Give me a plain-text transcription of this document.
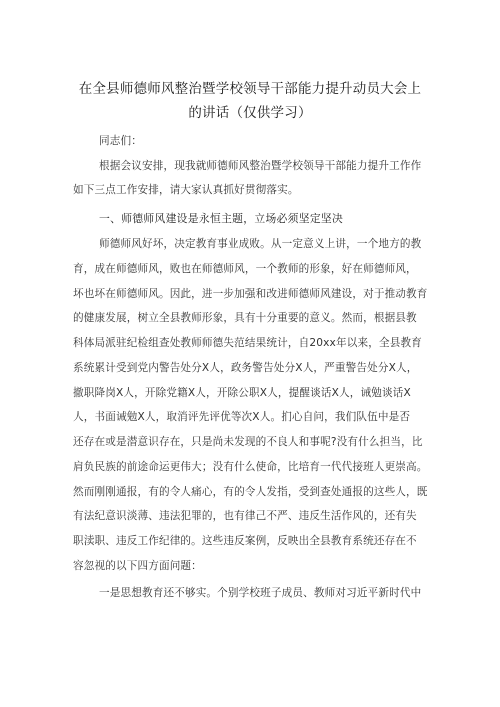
在全县师德师风整治暨学校领导干部能力提升动员大会上
的讲话（仅供学习）
同志们：
根据会议安排，现我就师德师风整治暨学校领导干部能力提升工作作
如下三点工作安排，请大家认真抓好贯彻落实。
一、师德师风建设是永恒主题，立场必须坚定坚决
师德师风好坏，决定教育事业成败。从一定意义上讲，一个地方的教
育，成在师德师风，败也在师德师风，一个教师的形象，好在师德师风，
坏也坏在师德师风。因此，进一步加强和改进师德师风建设，对于推动教育
的健康发展，树立全县教师形象，具有十分重要的意义。然而，根据县教
科体局派驻纪检组查处教师师德失范结果统计，自20xx年以来，全县教育
系统累计受到党内警告处分X人，政务警告处分X人，严重警告处分X人，
撤职降岗X人，开除党籍X人，开除公职X人，提醒谈话X人，诫勉谈话X
人，书面诫勉X人，取消评先评优等次X人。扪心自问，我们队伍中是否
还存在或是潜意识存在，只是尚未发现的不良人和事呢?没有什么担当，比
肩负民族的前途命运更伟大；没有什么使命，比培育一代代接班人更崇高。
然而刚刚通报，有的令人痛心，有的令人发指，受到查处通报的这些人，既
有法纪意识淡薄、违法犯罪的，也有律己不严、违反生活作风的，还有失
职渎职、违反工作纪律的。这些违反案例，反映出全县教育系统还存在不
容忽视的以下四方面问题：
一是思想教育还不够实。个别学校班子成员、教师对习近平新时代中
